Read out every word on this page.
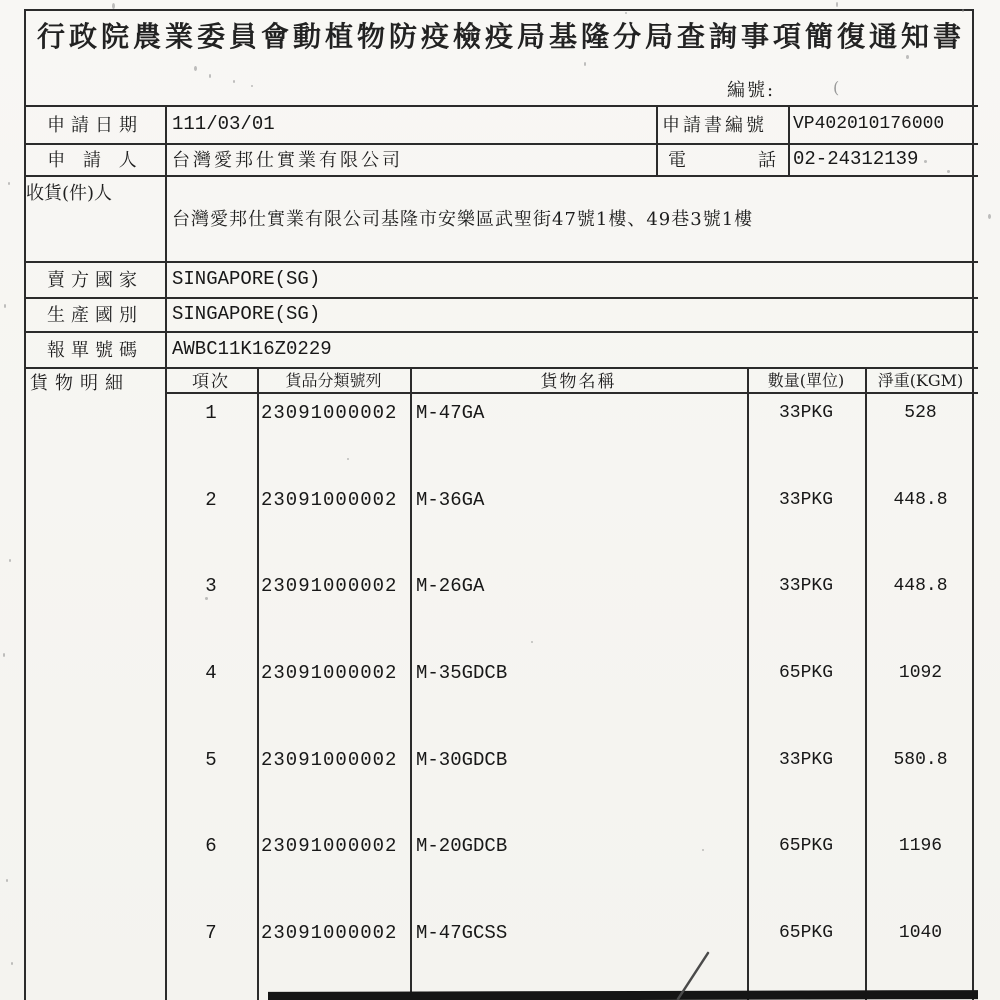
行政院農業委員會動植物防疫檢疫局基隆分局查詢事項簡復通知書
編號:	(
申請日期	111/03/01	申請書編號	VP402010176000
申 請 人	台灣愛邦仕實業有限公司	電	話 02-24312139
收貨(件)人
台灣愛邦仕實業有限公司基隆市安樂區武聖街47號1樓、49巷3號1樓
賣方國家	SINGAPORE(SG)
生產國別	SINGAPORE(SG)
報單號碼	AWBC11K16Z0229
貨物明細	項次	貨品分類號列	貨物名稱	數量(單位)	淨重(KGM)
1	23091000002 M-47GA	33PKG	528
2	23091000002 M-36GA	33PKG	448.8
3	23091000002 M-26GA	33PKG	448.8
4	23091000002 M-35GDCB	65PKG	1092
5	23091000002 M-30GDCB	33PKG	580.8
6	23091000002 M-20GDCB	65PKG	1196
7	23091000002 M-47GCSS	65PKG	1040
